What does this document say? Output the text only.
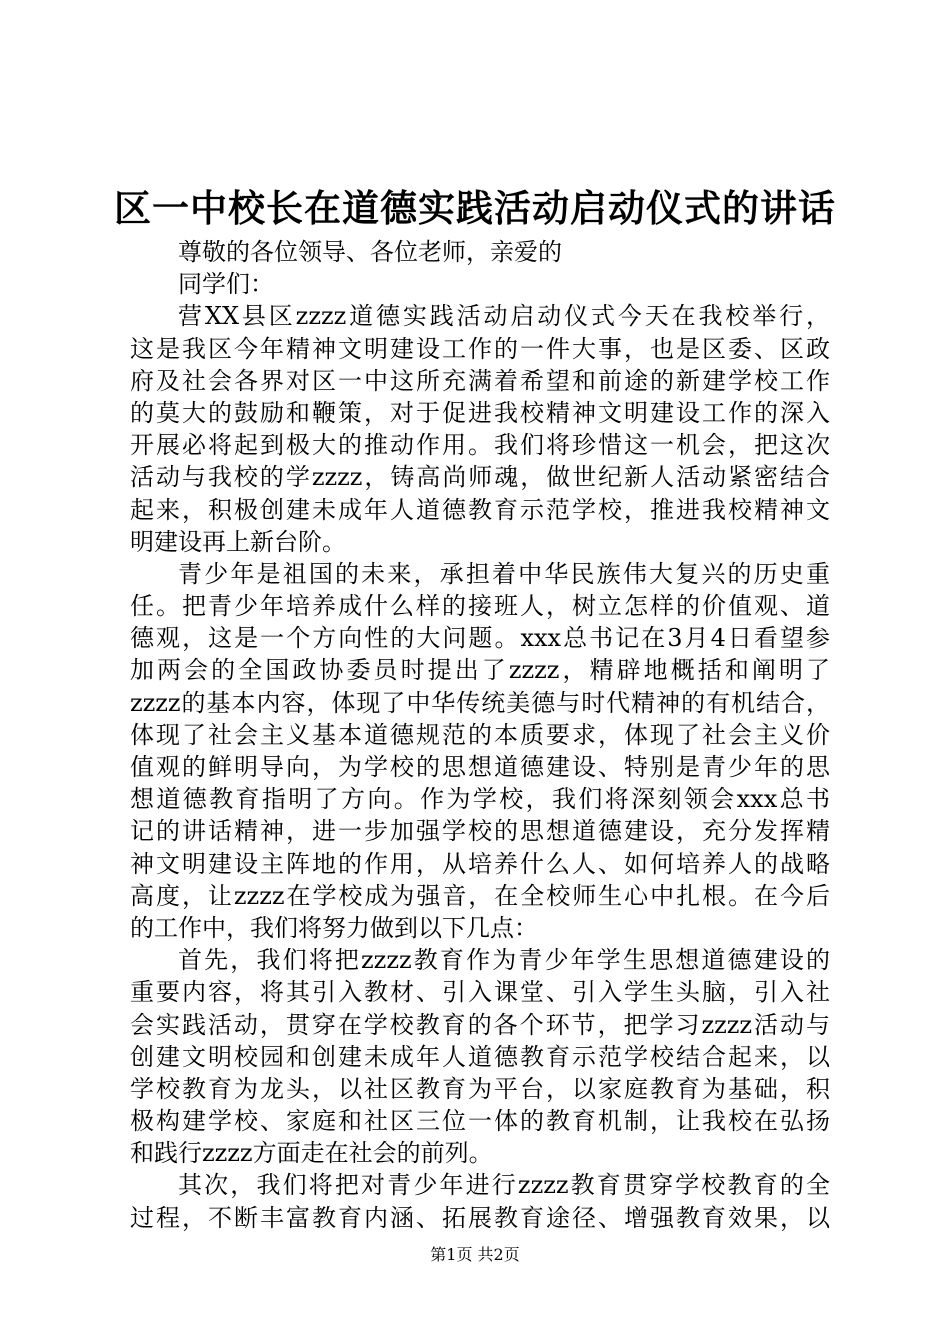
区一中校长在道德实践活动启动仪式的讲话
尊敬的各位领导、各位老师，亲爱的
同学们：
营XX县区zzzz道德实践活动启动仪式今天在我校举行，
这是我区今年精神文明建设工作的一件大事，也是区委、区政
府及社会各界对区一中这所充满着希望和前途的新建学校工作
的莫大的鼓励和鞭策，对于促进我校精神文明建设工作的深入
开展必将起到极大的推动作用。我们将珍惜这一机会，把这次
活动与我校的学zzzz，铸高尚师魂，做世纪新人活动紧密结合
起来，积极创建未成年人道德教育示范学校，推进我校精神文
明建设再上新台阶。
青少年是祖国的未来，承担着中华民族伟大复兴的历史重
任。把青少年培养成什么样的接班人，树立怎样的价值观、道
德观，这是一个方向性的大问题。xxx总书记在3月4日看望参
加两会的全国政协委员时提出了zzzz，精辟地概括和阐明了
zzzz的基本内容，体现了中华传统美德与时代精神的有机结合，
体现了社会主义基本道德规范的本质要求，体现了社会主义价
值观的鲜明导向，为学校的思想道德建设、特别是青少年的思
想道德教育指明了方向。作为学校，我们将深刻领会xxx总书
记的讲话精神，进一步加强学校的思想道德建设，充分发挥精
神文明建设主阵地的作用，从培养什么人、如何培养人的战略
高度，让zzzz在学校成为强音，在全校师生心中扎根。在今后
的工作中，我们将努力做到以下几点：
首先，我们将把zzzz教育作为青少年学生思想道德建设的
重要内容，将其引入教材、引入课堂、引入学生头脑，引入社
会实践活动，贯穿在学校教育的各个环节，把学习zzzz活动与
创建文明校园和创建未成年人道德教育示范学校结合起来，以
学校教育为龙头，以社区教育为平台，以家庭教育为基础，积
极构建学校、家庭和社区三位一体的教育机制，让我校在弘扬
和践行zzzz方面走在社会的前列。
其次，我们将把对青少年进行zzzz教育贯穿学校教育的全
过程，不断丰富教育内涵、拓展教育途径、增强教育效果，以
第1页 共2页
